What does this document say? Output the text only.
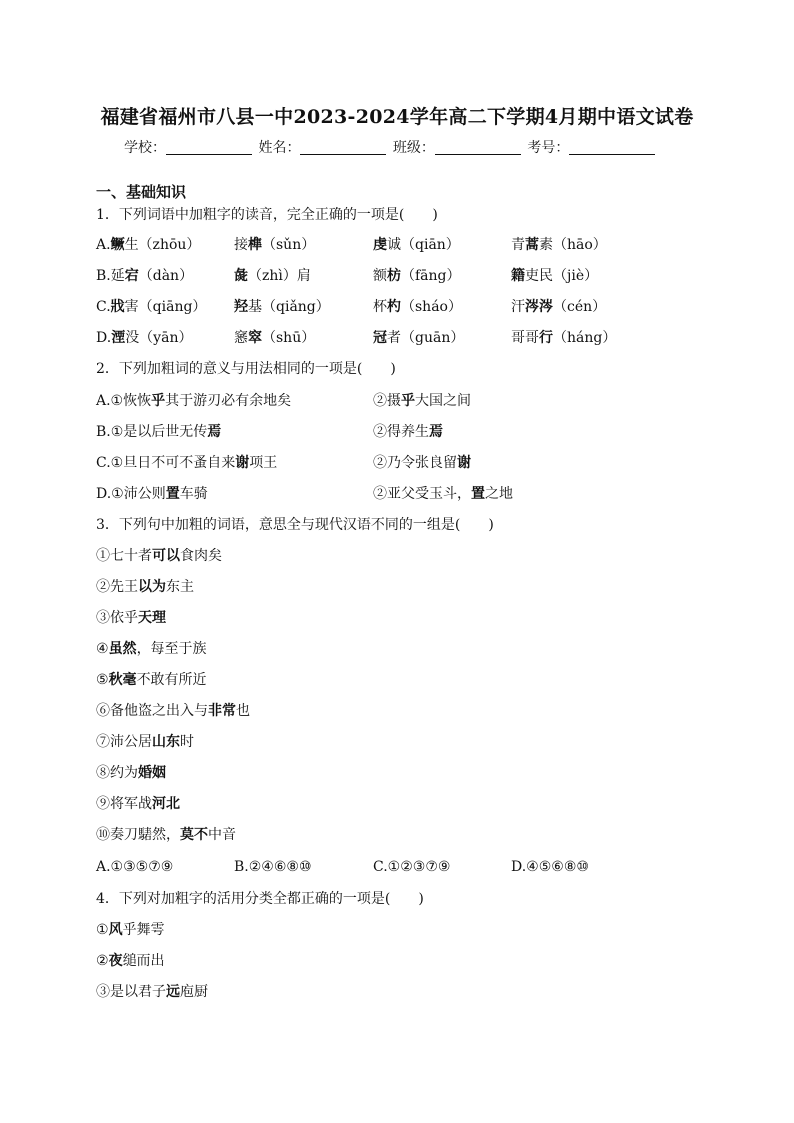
福建省福州市八县一中2023-2024学年高二下学期4月期中语文试卷
学校：	姓名：	班级：	考号：
一、基础知识
1．下列词语中加粗字的读音，完全正确的一项是(　　)
A.鳜生（zhōu） 接榫（sǔn）	虔诚（qiān）	青蒿素（hāo）
B.延宕（dàn）	彘（zhì）肩	额枋（fāng）	籍吏民（jiè）
C.戕害（qiāng） 羟基（qiǎng）	杯杓（sháo）	汗涔涔（cén）
D.湮没（yān）	窸窣（shū）	冠者（guān）	哥哥行（háng）
2．下列加粗词的意义与用法相同的一项是(　　)
A.①恢恢乎其于游刃必有余地矣	②摄乎大国之间
B.①是以后世无传焉	②得养生焉
C.①旦日不可不蚤自来谢项王	②乃令张良留谢
D.①沛公则置车骑	②亚父受玉斗，置之地
3．下列句中加粗的词语，意思全与现代汉语不同的一组是(　　)
①七十者可以食肉矣
②先王以为东主
③依乎天理
④虽然，每至于族
⑤秋毫不敢有所近
⑥备他盗之出入与非常也
⑦沛公居山东时
⑧约为婚姻
⑨将军战河北
⑩奏刀騞然，莫不中音
A.①③⑤⑦⑨	B.②④⑥⑧⑩	C.①②③⑦⑨	D.④⑤⑥⑧⑩
4．下列对加粗字的活用分类全都正确的一项是(　　)
①风乎舞雩
②夜缒而出
③是以君子远庖厨
